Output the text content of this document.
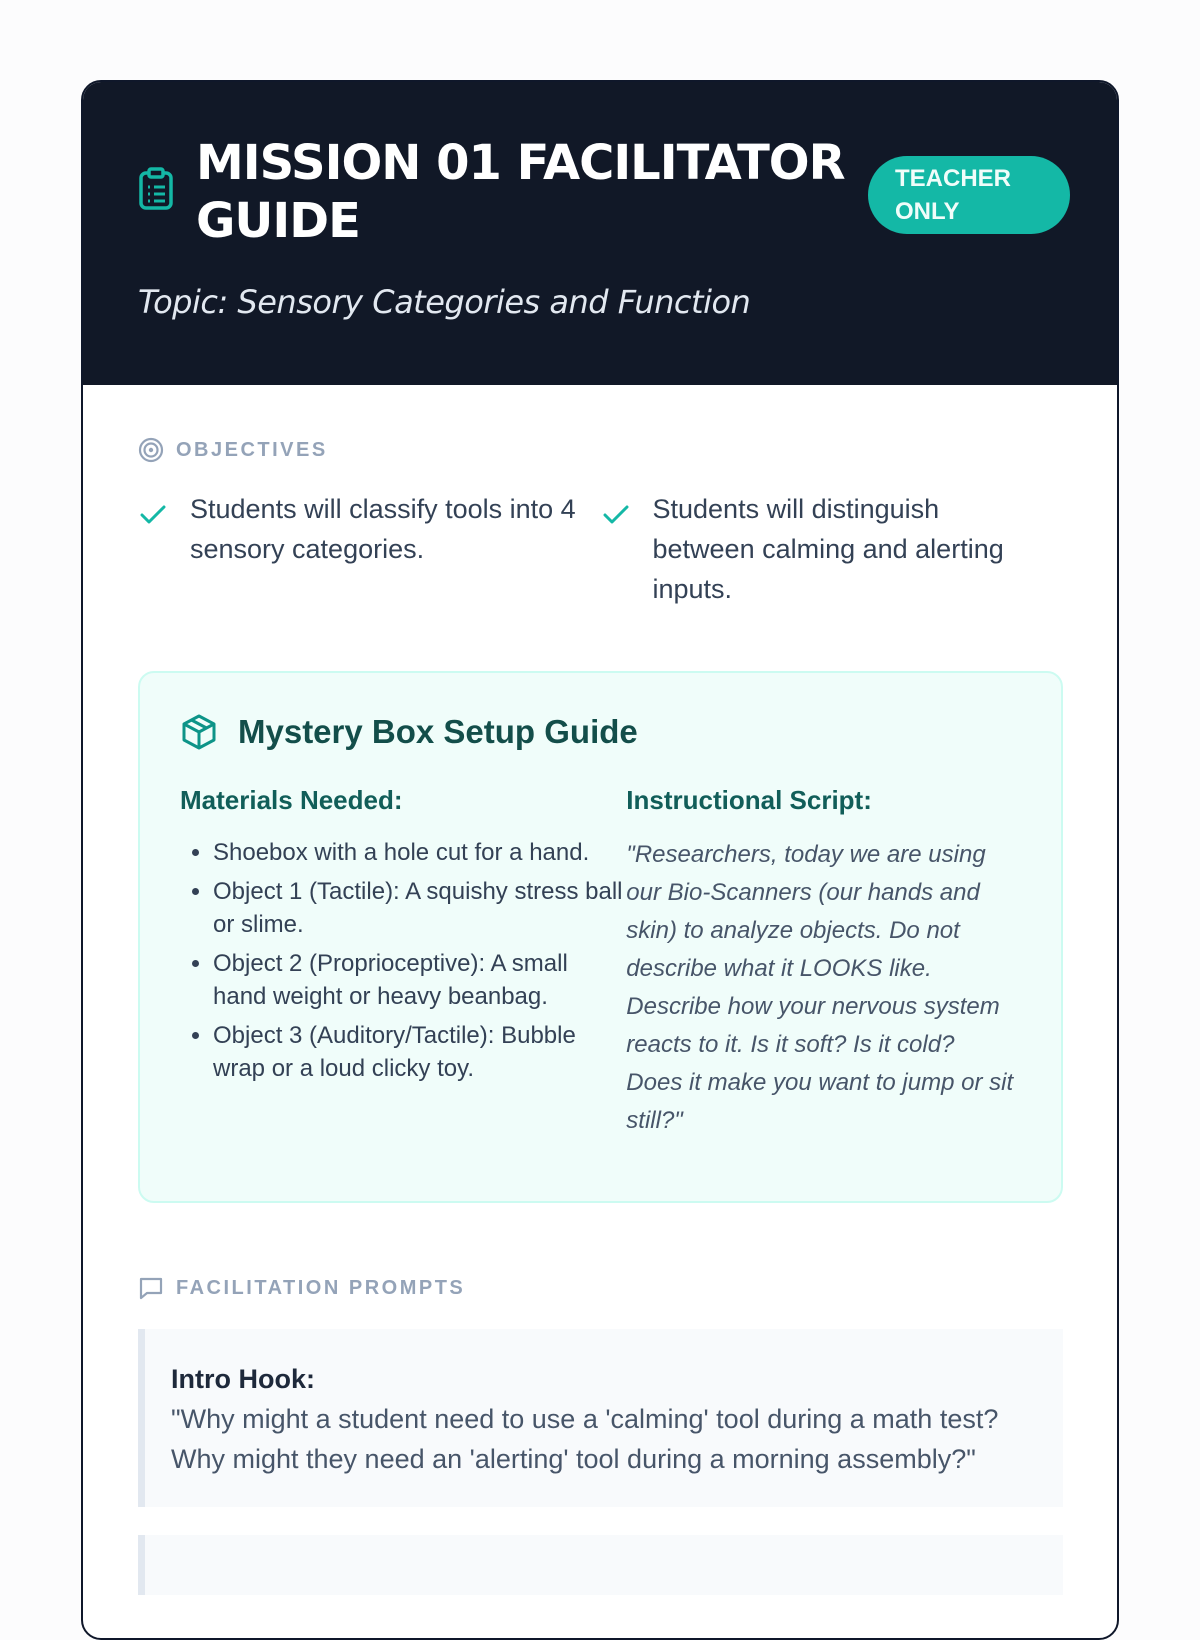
MISSION 01 FACILITATOR GUIDE
TEACHER ONLY

Topic: Sensory Categories and Function

OBJECTIVES
Students will classify tools into 4 sensory categories.
Students will distinguish between calming and alerting inputs.
Mystery Box Setup Guide

Materials Needed:

• Shoebox with a hole cut for a hand.
• Object 1 (Tactile): A squishy stress ball or slime.
• Object 2 (Proprioceptive): A small hand weight or heavy beanbag.
• Object 3 (Auditory/Tactile): Bubble wrap or a loud clicky toy.

Instructional Script:

"Researchers, today we are using our Bio-Scanners (our hands and skin) to analyze objects. Do not describe what it LOOKS like. Describe how your nervous system reacts to it. Is it soft? Is it cold? Does it make you want to jump or sit still?"

FACILITATION PROMPTS
Intro Hook:
"Why might a student need to use a 'calming' tool during a math test? Why might they need an 'alerting' tool during a morning assembly?"
